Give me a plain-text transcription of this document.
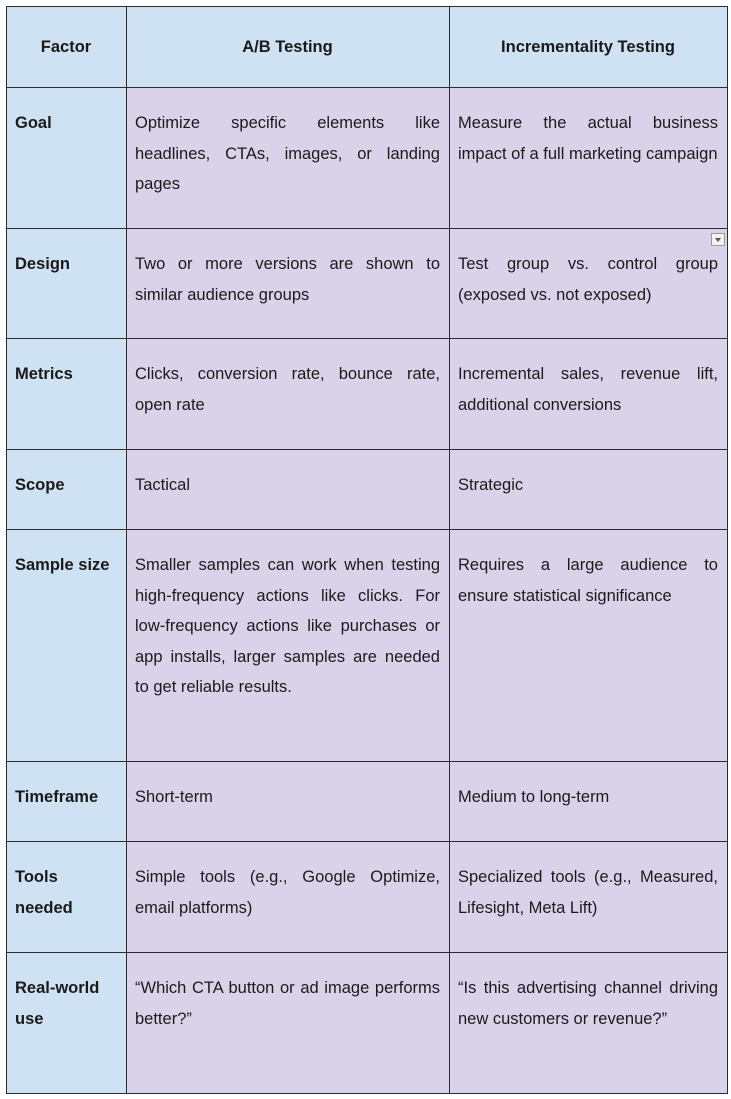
Factor	A/B Testing	Incrementality Testing

Goal	Optimize specific elements like headlines, CTAs, images, or landing pages	Measure the actual business impact of a full marketing campaign

Design	Two or more versions are shown to similar audience groups	Test group vs. control group (exposed vs. not exposed)

Metrics	Clicks, conversion rate, bounce rate, open rate	Incremental sales, revenue lift, additional conversions

Scope	Tactical	Strategic

Sample size	Smaller samples can work when testing high-frequency actions like clicks. For low-frequency actions like purchases or app installs, larger samples are needed to get reliable results.	Requires a large audience to ensure statistical significance

Timeframe	Short-term	Medium to long-term

Tools needed	Simple tools (e.g., Google Optimize, email platforms)	Specialized tools (e.g., Measured, Lifesight, Meta Lift)

Real-world use	“Which CTA button or ad image performs better?”	“Is this advertising channel driving new customers or revenue?”
